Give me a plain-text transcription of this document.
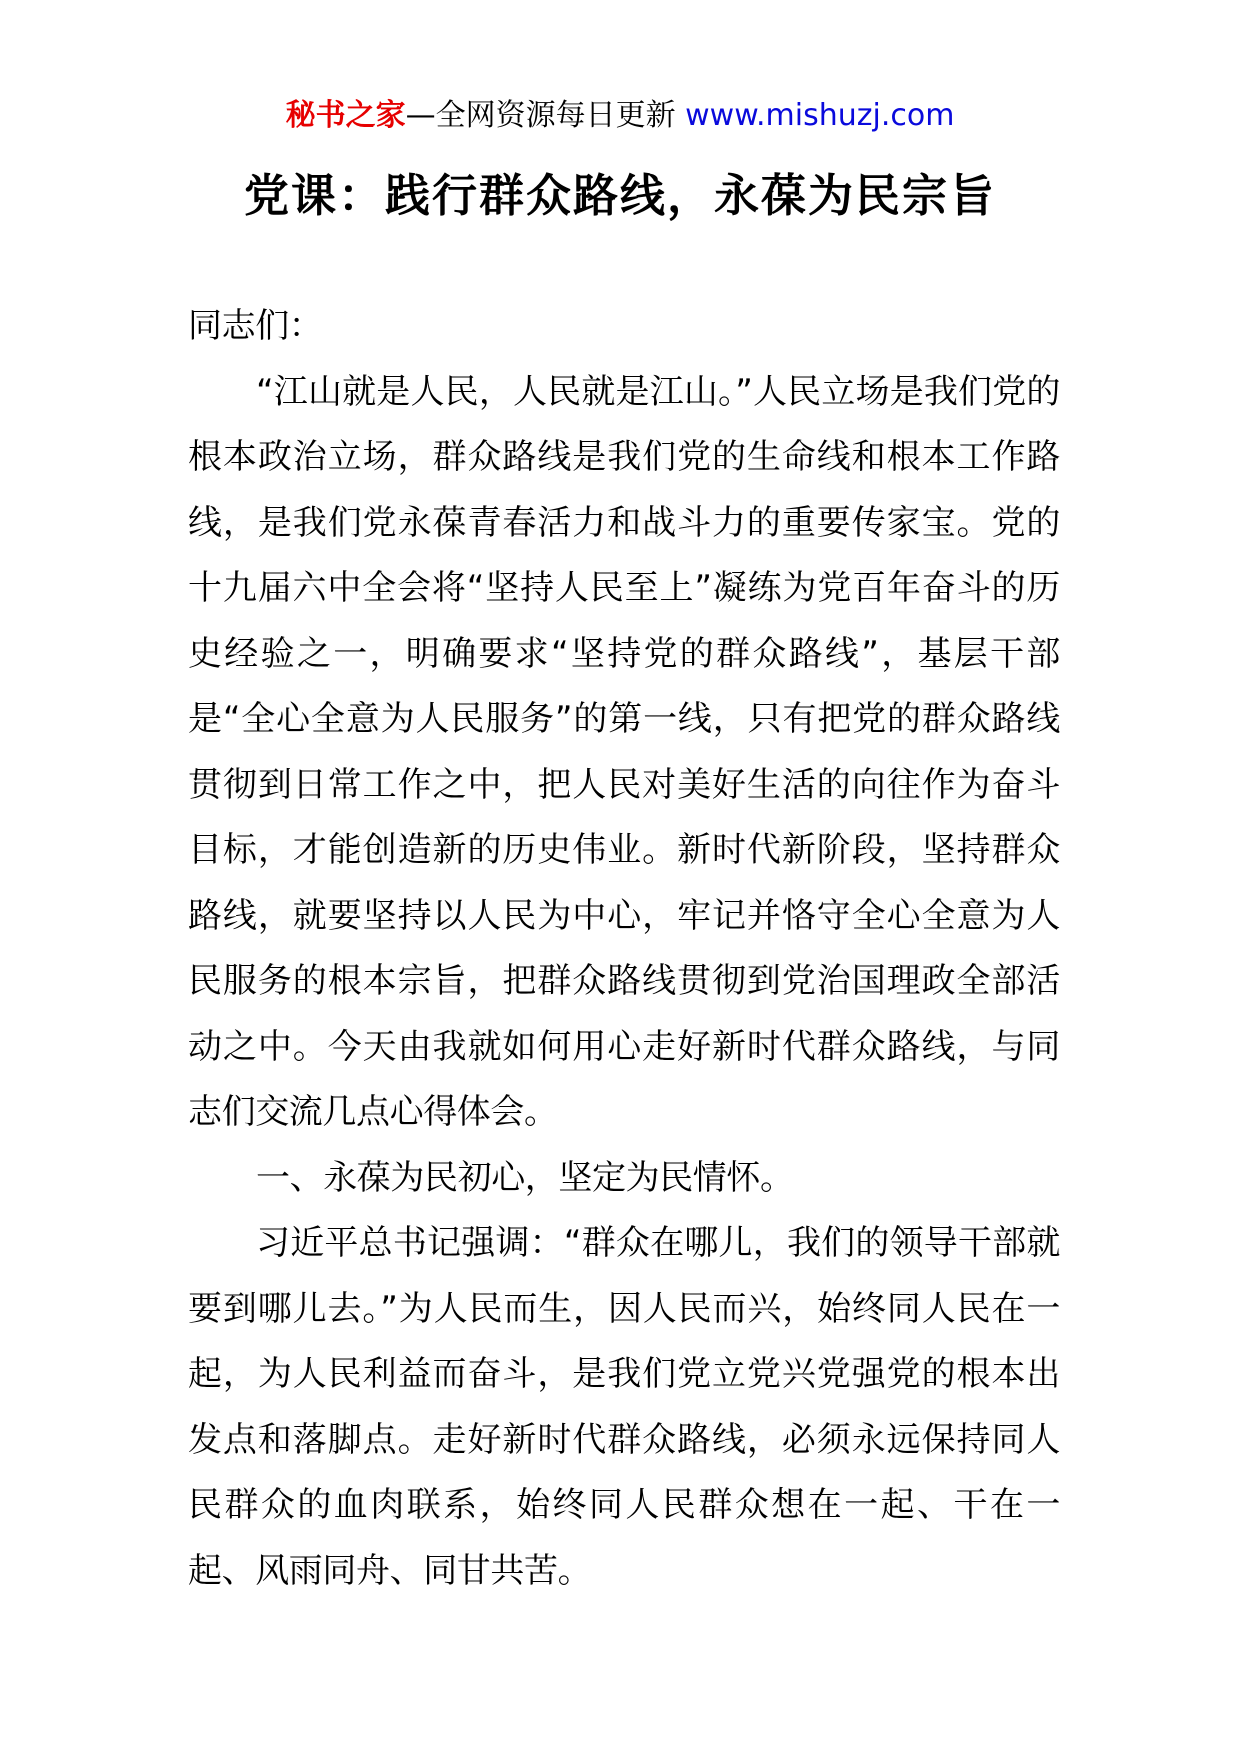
秘书之家—全网资源每日更新 www.mishuzj.com
党课：践行群众路线，永葆为民宗旨

同志们：

“江山就是人民，人民就是江山。”人民立场是我们党的根本政治立场，群众路线是我们党的生命线和根本工作路线，是我们党永葆青春活力和战斗力的重要传家宝。党的十九届六中全会将“坚持人民至上”凝练为党百年奋斗的历史经验之一，明确要求“坚持党的群众路线”，基层干部是“全心全意为人民服务”的第一线，只有把党的群众路线贯彻到日常工作之中，把人民对美好生活的向往作为奋斗目标，才能创造新的历史伟业。新时代新阶段，坚持群众路线，就要坚持以人民为中心，牢记并恪守全心全意为人民服务的根本宗旨，把群众路线贯彻到党治国理政全部活动之中。今天由我就如何用心走好新时代群众路线，与同志们交流几点心得体会。

一、永葆为民初心，坚定为民情怀。

习近平总书记强调：“群众在哪儿，我们的领导干部就要到哪儿去。”为人民而生，因人民而兴，始终同人民在一起，为人民利益而奋斗，是我们党立党兴党强党的根本出发点和落脚点。走好新时代群众路线，必须永远保持同人民群众的血肉联系，始终同人民群众想在一起、干在一起、风雨同舟、同甘共苦。
